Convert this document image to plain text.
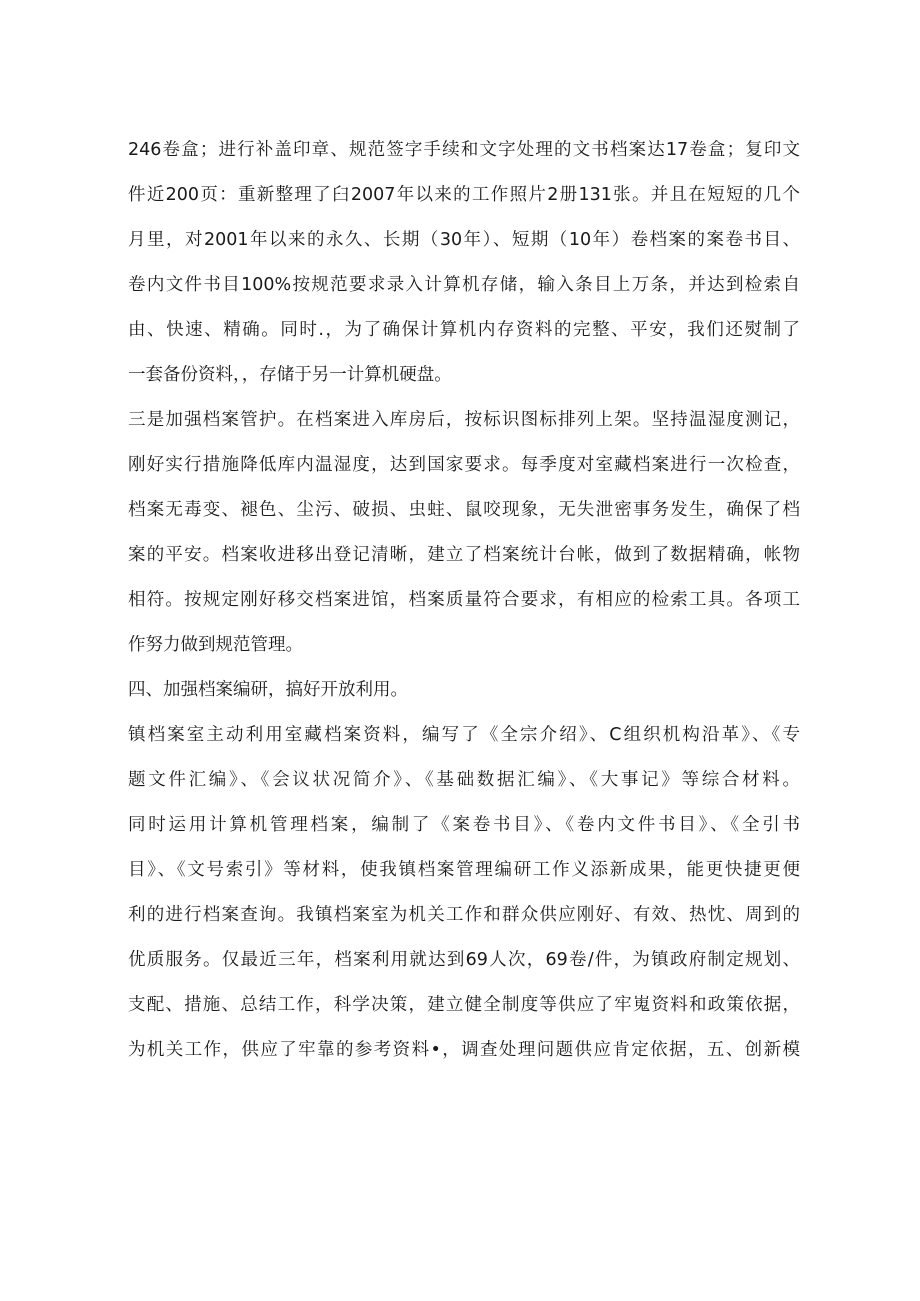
246卷盒；进行补盖印章、规范签字手续和文字处理的文书档案达17卷盒；复印文
件近200页：重新整理了臼2007年以来的工作照片2册131张。并且在短短的几个
月里，对2001年以来的永久、长期（30年）、短期（10年）卷档案的案卷书目、
卷内文件书目100%按规范要求录入计算机存储，输入条目上万条，并达到检索自
由、快速、精确。同时.，为了确保计算机内存资料的完整、平安，我们还熨制了
一套备份资料，，存储于另一计算机硬盘。
三是加强档案管护。在档案进入库房后，按标识图标排列上架。坚持温湿度测记，
刚好实行措施降低库内温湿度，达到国家要求。每季度对室藏档案进行一次检查，
档案无毒变、褪色、尘污、破损、虫蛀、鼠咬现象，无失泄密事务发生，确保了档
案的平安。档案收进移出登记清晰，建立了档案统计台帐，做到了数据精确，帐物
相符。按规定刚好移交档案进馆，档案质量符合要求，有相应的检索工具。各项工
作努力做到规范管理。
四、加强档案编研，搞好开放利用。
镇档案室主动利用室藏档案资料，编写了《全宗介绍》、C组织机构沿革》、《专
题文件汇编》、《会议状况简介》、《基础数据汇编》、《大事记》等综合材料。
同时运用计算机管理档案，编制了《案卷书目》、《卷内文件书目》、《全引书
目》、《文号索引》等材料，使我镇档案管理编研工作义添新成果，能更快捷更便
利的进行档案查询。我镇档案室为机关工作和群众供应刚好、有效、热忱、周到的
优质服务。仅最近三年，档案利用就达到69人次，69卷/件，为镇政府制定规划、
支配、措施、总结工作，科学决策，建立健全制度等供应了牢嵬资料和政策依据，
为机关工作，供应了牢靠的参考资料•，调查处理问题供应肯定依据，五、创新模
